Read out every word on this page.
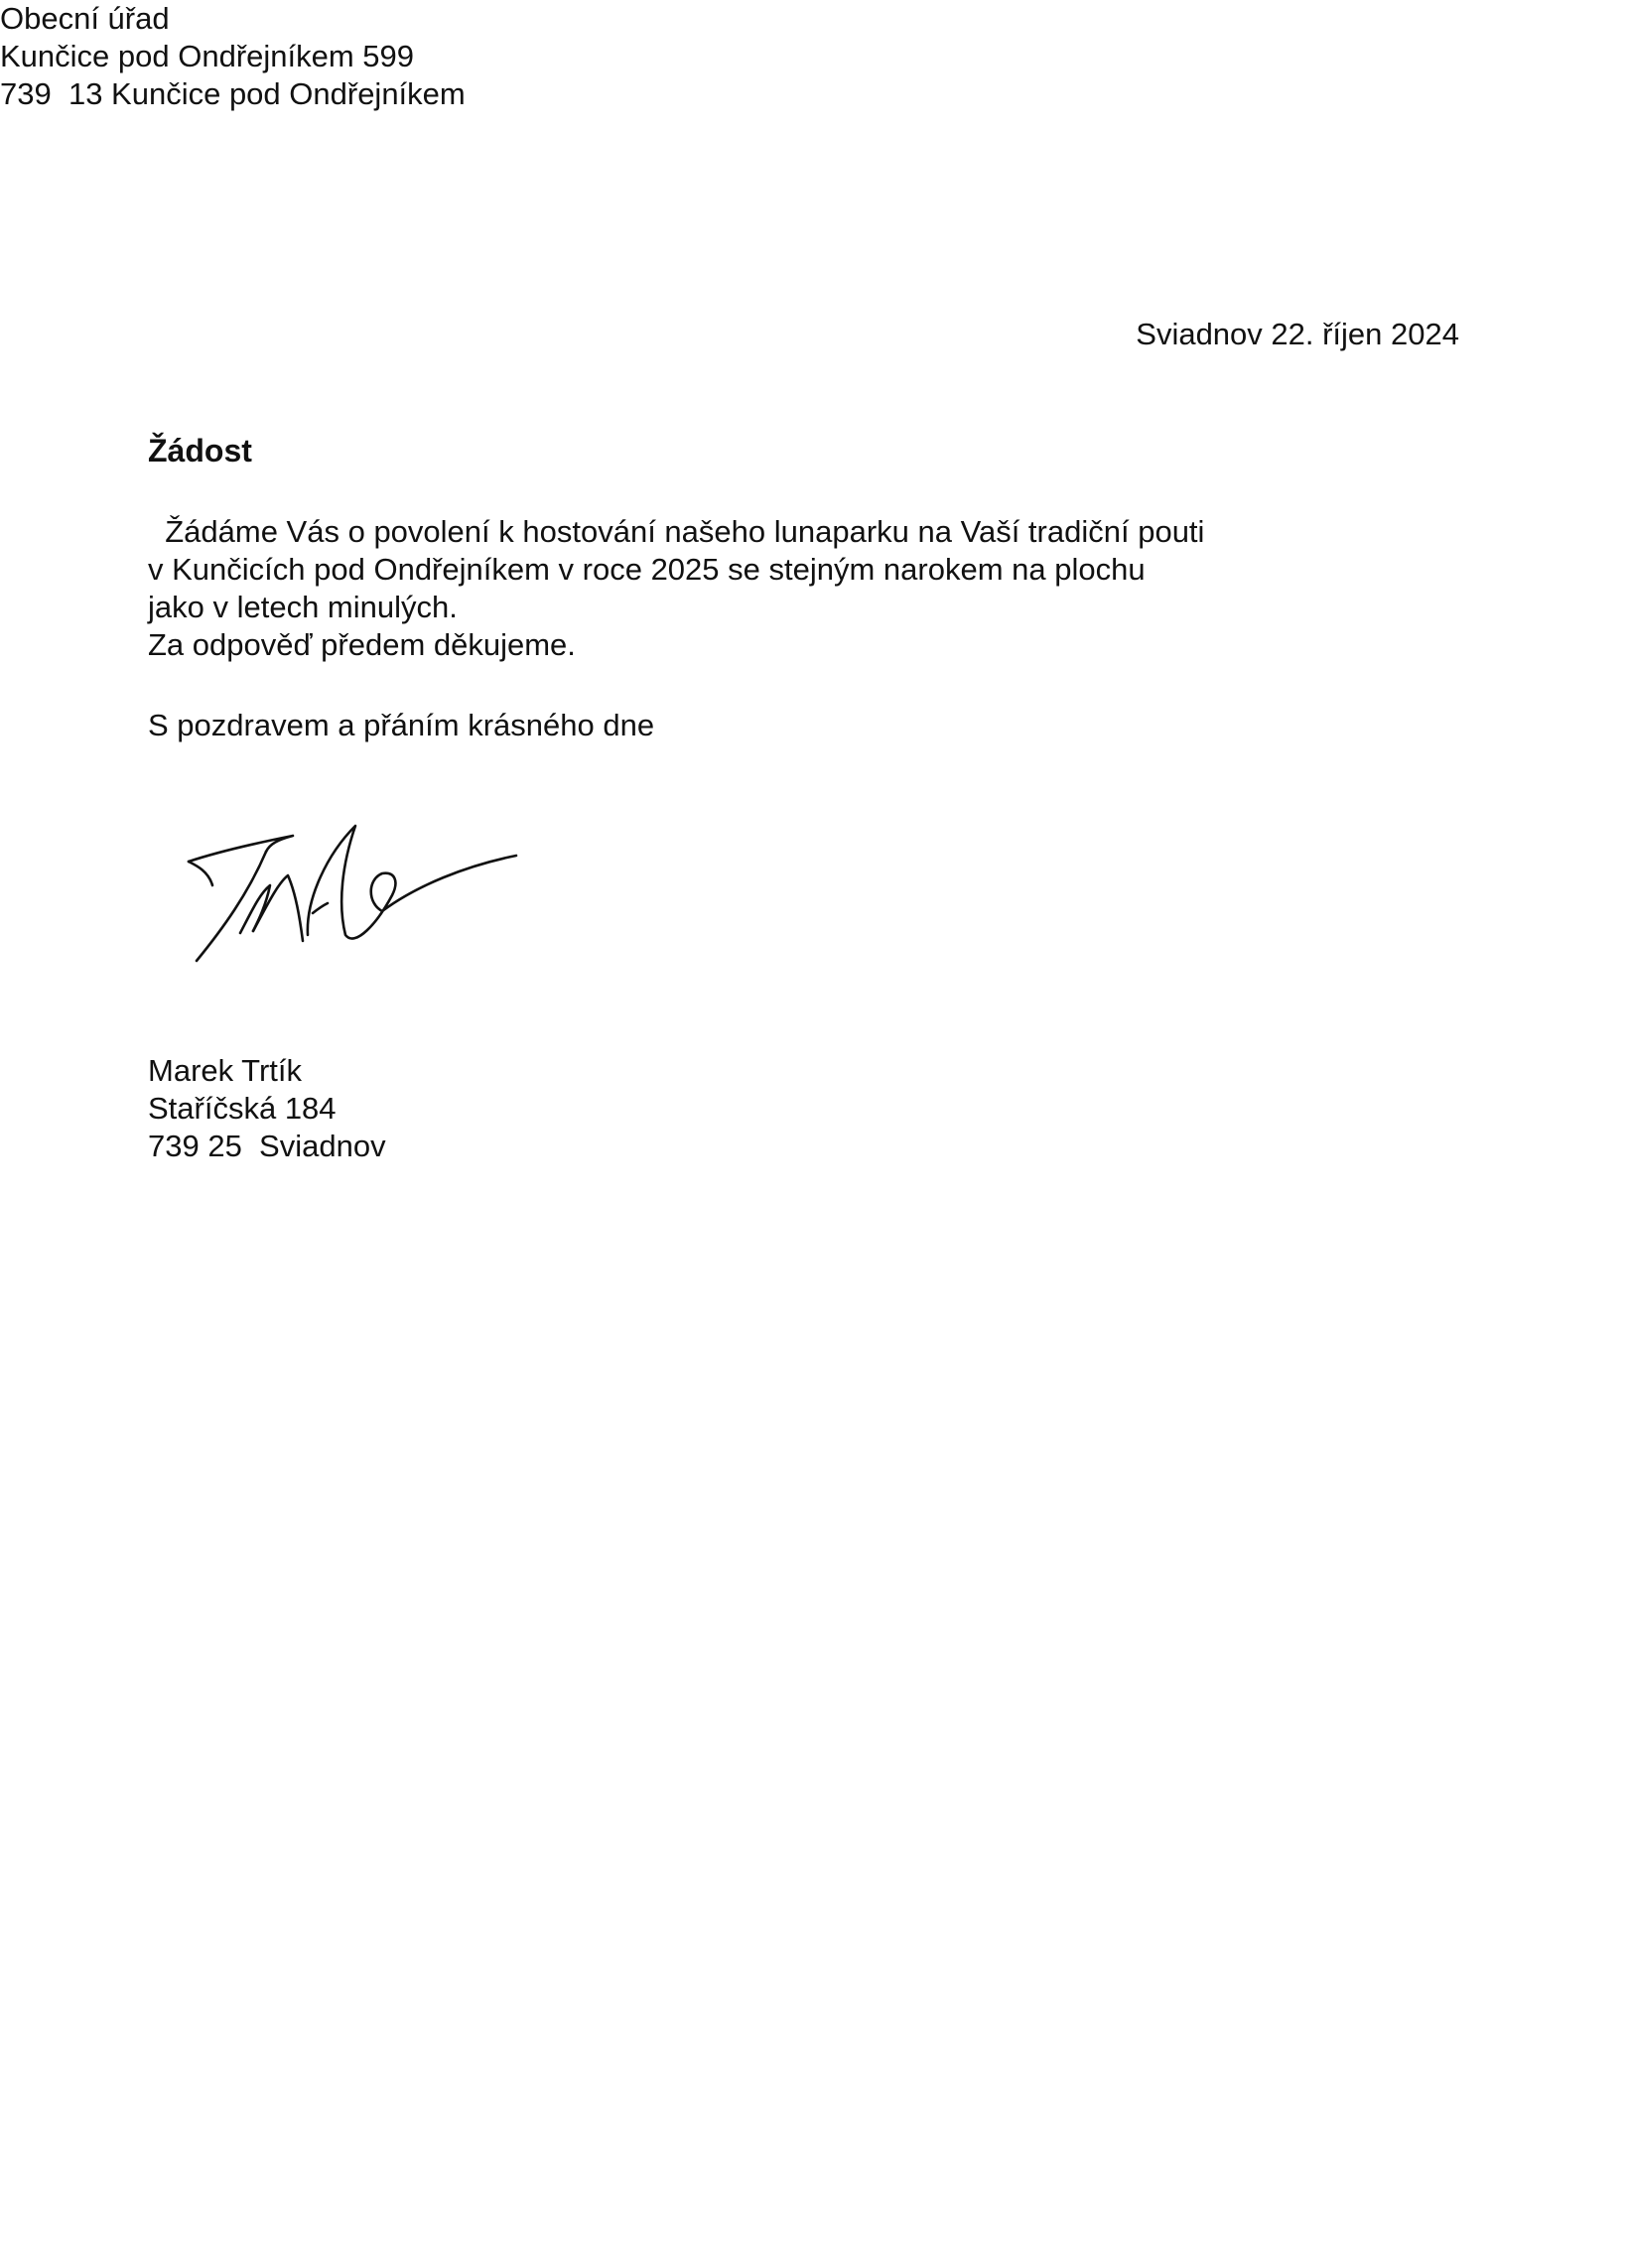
Obecní úřad
Kunčice pod Ondřejníkem 599
739  13 Kunčice pod Ondřejníkem
Sviadnov 22. říjen 2024
Žádost
Žádáme Vás o povolení k hostování našeho lunaparku na Vaší tradiční pouti
v Kunčicích pod Ondřejníkem v roce 2025 se stejným narokem na plochu
jako v letech minulých.
Za odpověď předem děkujeme.
S pozdravem a přáním krásného dne
Marek Trtík
Staříčská 184
739 25  Sviadnov
